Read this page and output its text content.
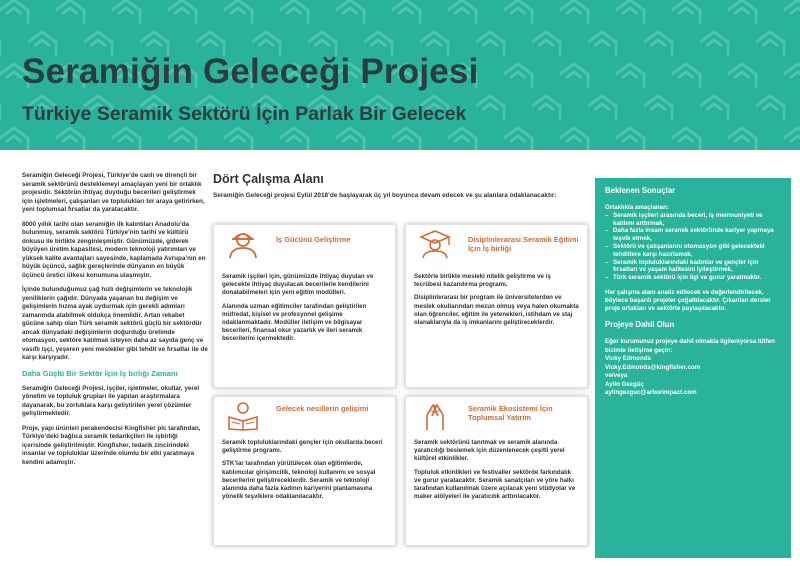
Seramiğin Geleceği Projesi
Türkiye Seramik Sektörü İçin Parlak Bir Gelecek

Seramiğin Geleceği Projesi, Türkiye’de canlı ve dirençli bir seramik sektörünü desteklemeyi amaçlayan yeni bir ortaklık projesidir. Sektörün ihtiyaç duyduğu becerileri geliştirmek için işletmeleri, çalışanları ve toplulukları bir araya getirirken, yeni toplumsal fırsatlar da yaratacaktır.

8000 yıllık tarihi olan seramiğin ilk kalıntıları Anadolu’da bulunmuş, seramik sektörü Türkiye’nin tarihi ve kültürü dokusu ile birlikte zenginleşmiştir. Günümüzde, giderek büyüyen üretim kapasitesi, modern teknoloji yatırımları ve yüksek kalite avantajları sayesinde, kaplamada Avrupa’nın en büyük üçüncü, sağlık gereçlerinde dünyanın en büyük üçüncü üretici ülkesi konumuna ulaşmıştır.

İçinde bulunduğumuz çağ hızlı değişimlerin ve teknolojik yeniliklerin çağıdır. Dünyada yaşanan bu değişim ve gelişimlerin hızına ayak uydurmak için gerekli adımları zamanında atabilmek oldukça önemlidir. Artan rekabet gücüne sahip olan Türk seramik sektörü güçlü bir sektördür ancak dünyadaki değişimlerin doğurduğu üretimde otomasyon, sektöre katılmak isteyen daha az sayıda genç ve vasıflı işçi, yeşeren yeni meslekler gibi tehdit ve fırsatlar ile de karşı karşıyadır.

Daha Güçlü Bir Sektör İçin İş birliği Zamanı

Seramiğin Geleceği Projesi, işçiler, işletmeler, okullar, yerel yönetim ve topluluk grupları ile yapılan araştırmalara dayanarak, bu zorluklara karşı geliştirilen yerel çözümler geliştirmektedir.

Proje, yapı ürünleri perakendecisi Kingfisher plc tarafından, Türkiye’deki bağlıca seramik tedarikçileri ile işbirliği içerisinde geliştirilmiştir. Kingfisher, tedarik zincirindeki insanlar ve topluluklar üzerinde olumlu bir etki yaratmaya kendini adamıştır.

Dört Çalışma Alanı

Seramiğin Geleceği projesi Eylül 2018’de başlayarak üç yıl boyunca devam edecek ve şu alanlara odaklanacaktır:

İş Gücünü Geliştirme

Seramik işçileri için, günümüzde ihtiyaç duyulan ve gelecekte ihtiyaç duyulacak becerilerle kendilerini donatabilmeleri için yeni eğitim modülleri.

Alanında uzman eğitimciler tarafından geliştirilen müfredat, kişisel ve profesyonel gelişime odaklanmaktadır. Modüller iletişim ve bilgisayar becerileri, finansal okur yazarlık ve ileri seramik becerilerini içermektedir.

Disiplinlerarası Seramik Eğitimi İçin İş birliği

Sektörle birlikte mesleki nitelik geliştirme ve iş tecrübesi kazandırma programı.

Disiplinlerarası bir program ile üniversitelerden ve meslek okullarından mezun olmuş veya halen okumakta olan öğrenciler, eğitim ile yetenekleri, istihdam ve staj olanaklarıyla da iş imkanlarını geliştireceklerdir.

Gelecek nesillerin gelişimi

Seramik topluluklarındaki gençler için okullarda beceri geliştirme programı.

STK’lar tarafından yürütülecek olan eğitimlerde, katılımcılar girişimcilik, teknoloji kullanımı ve sosyal becerilerini geliştireceklerdir. Seramik ve teknoloji alanında daha fazla kadının kariyerini planlamasına yönelik teşviklere odaklanılacaktır.

Seramik Ekosistemi İçin Toplumsal Yatırım

Seramik sektörünü tanıtmak ve seramik alanında yaratıcılığı beslemek için düzenlenecek çeşitli yerel kültürel etkinlikler.

Topluluk etkinlikleri ve festivaller sektörde farkındalık ve gurur yaratacaktır. Seramik sanatçıları ve yöre halkı tarafından kullanılmak üzere açılacak yeni stüdyolar ve maker atölyeleri ile yaratıcılık arttırılacaktır.

Beklenen Sonuçlar
Ortaklıkla amaçlanan:
– Seramik işçileri arasında beceri, iş memnuniyeti ve katılımı arttırmak,
– Daha fazla insanı seramik sektöründe kariyer yapmaya teşvik etmek,
– Sektörü ve çalışanlarını otomasyon gibi gelecekteki tehditlere karşı hazırlamak,
– Seramik topluluklarındaki kadınlar ve gençler için fırsatları ve yaşam kalitesini iyileştirmek,
– Türk seramik sektörü için ilgi ve gurur yaratmaktır.

Her çalışma alanı analiz edilecek ve değerlendirilecek, böylece başarılı projeler çoğaltılacaktır. Çıkarılan dersler proje ortakları ve sektörle paylaşılacaktır.

Projeye Dahil Olun
Eğer kurumunuz projeye dahil olmakla ilgileniyorsa lütfen bizimle iletişime geçin:
Vicky Edmonds
Vicky.Edmonds@kingfisher.com
ve/veya
Aylin Gezgüç
aylingezguc@arborimpact.com
